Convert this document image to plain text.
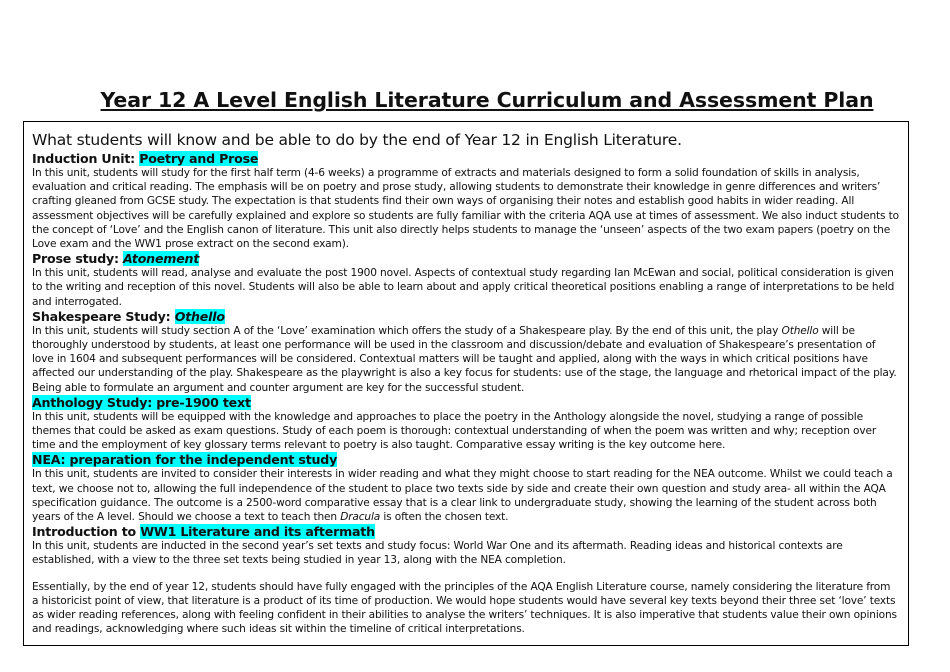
Year 12 A Level English Literature Curriculum and Assessment Plan

What students will know and be able to do by the end of Year 12 in English Literature.

Induction Unit: Poetry and Prose

In this unit, students will study for the first half term (4-6 weeks) a programme of extracts and materials designed to form a solid foundation of skills in analysis, evaluation and critical reading. The emphasis will be on poetry and prose study, allowing students to demonstrate their knowledge in genre differences and writers’ crafting gleaned from GCSE study. The expectation is that students find their own ways of organising their notes and establish good habits in wider reading. All assessment objectives will be carefully explained and explore so students are fully familiar with the criteria AQA use at times of assessment. We also induct students to the concept of ‘Love’ and the English canon of literature. This unit also directly helps students to manage the ‘unseen’ aspects of the two exam papers (poetry on the Love exam and the WW1 prose extract on the second exam).

Prose study: Atonement

In this unit, students will read, analyse and evaluate the post 1900 novel. Aspects of contextual study regarding Ian McEwan and social, political consideration is given to the writing and reception of this novel. Students will also be able to learn about and apply critical theoretical positions enabling a range of interpretations to be held and interrogated.

Shakespeare Study: Othello

In this unit, students will study section A of the ‘Love’ examination which offers the study of a Shakespeare play. By the end of this unit, the play Othello will be thoroughly understood by students, at least one performance will be used in the classroom and discussion/debate and evaluation of Shakespeare’s presentation of love in 1604 and subsequent performances will be considered. Contextual matters will be taught and applied, along with the ways in which critical positions have affected our understanding of the play. Shakespeare as the playwright is also a key focus for students: use of the stage, the language and rhetorical impact of the play. Being able to formulate an argument and counter argument are key for the successful student.

Anthology Study: pre-1900 text

In this unit, students will be equipped with the knowledge and approaches to place the poetry in the Anthology alongside the novel, studying a range of possible themes that could be asked as exam questions. Study of each poem is thorough: contextual understanding of when the poem was written and why; reception over time and the employment of key glossary terms relevant to poetry is also taught. Comparative essay writing is the key outcome here.

NEA: preparation for the independent study

In this unit, students are invited to consider their interests in wider reading and what they might choose to start reading for the NEA outcome. Whilst we could teach a text, we choose not to, allowing the full independence of the student to place two texts side by side and create their own question and study area- all within the AQA specification guidance. The outcome is a 2500-word comparative essay that is a clear link to undergraduate study, showing the learning of the student across both years of the A level. Should we choose a text to teach then Dracula is often the chosen text.

Introduction to WW1 Literature and its aftermath

In this unit, students are inducted in the second year’s set texts and study focus: World War One and its aftermath. Reading ideas and historical contexts are established, with a view to the three set texts being studied in year 13, along with the NEA completion.

Essentially, by the end of year 12, students should have fully engaged with the principles of the AQA English Literature course, namely considering the literature from a historicist point of view, that literature is a product of its time of production. We would hope students would have several key texts beyond their three set ‘love’ texts as wider reading references, along with feeling confident in their abilities to analyse the writers’ techniques. It is also imperative that students value their own opinions and readings, acknowledging where such ideas sit within the timeline of critical interpretations.
